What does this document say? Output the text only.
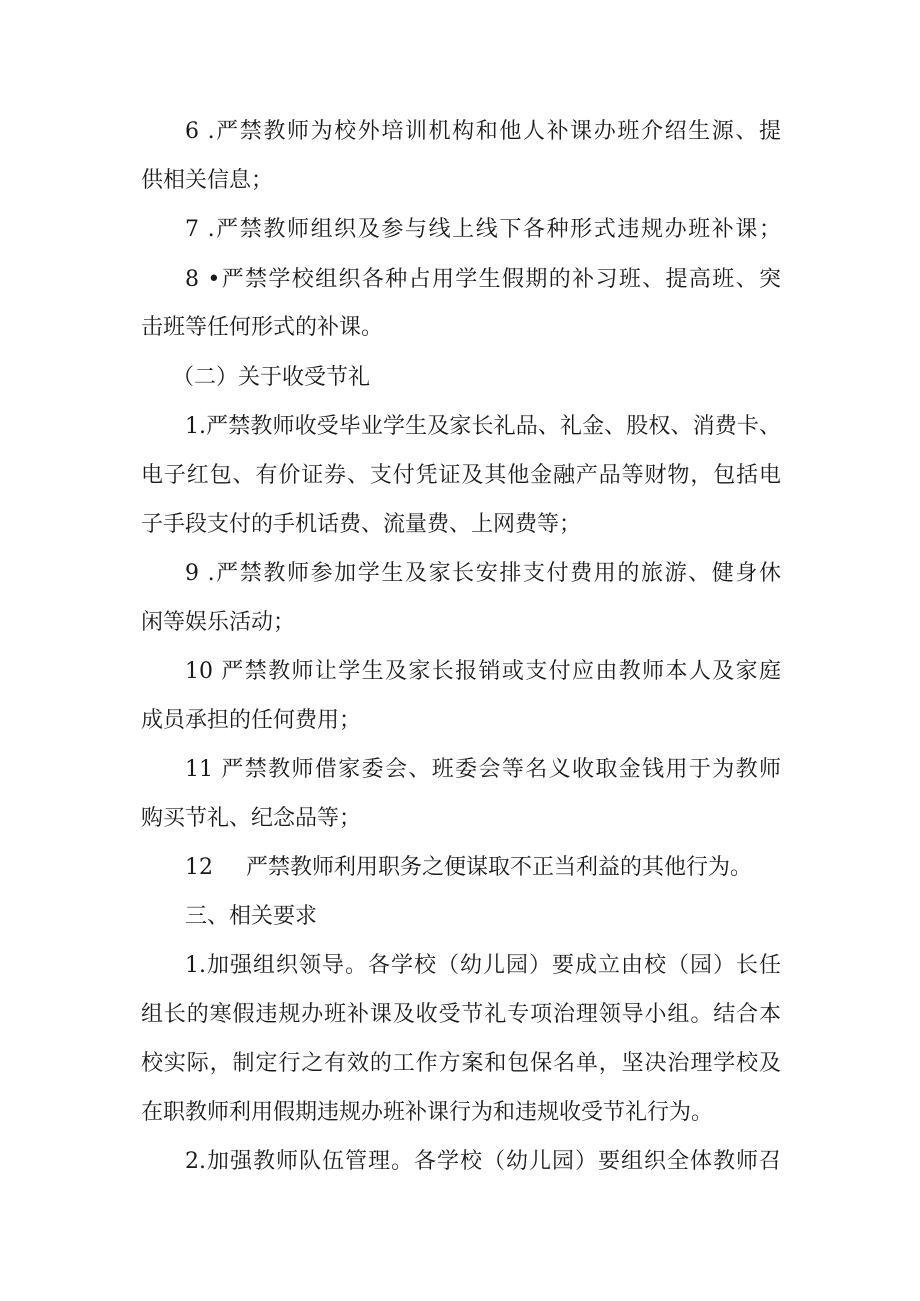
6 .严禁教师为校外培训机构和他人补课办班介绍生源、提

供相关信息；

7 .严禁教师组织及参与线上线下各种形式违规办班补课；

8 •严禁学校组织各种占用学生假期的补习班、提高班、突

击班等任何形式的补课。

（二）关于收受节礼

1.严禁教师收受毕业学生及家长礼品、礼金、股权、消费卡、

电子红包、有价证券、支付凭证及其他金融产品等财物，包括电

子手段支付的手机话费、流量费、上网费等；

9 .严禁教师参加学生及家长安排支付费用的旅游、健身休

闲等娱乐活动；

10 严禁教师让学生及家长报销或支付应由教师本人及家庭

成员承担的任何费用；

11 严禁教师借家委会、班委会等名义收取金钱用于为教师

购买节礼、纪念品等；

12 严禁教师利用职务之便谋取不正当利益的其他行为。

三、相关要求

1.加强组织领导。各学校（幼儿园）要成立由校（园）长任

组长的寒假违规办班补课及收受节礼专项治理领导小组。结合本

校实际，制定行之有效的工作方案和包保名单，坚决治理学校及

在职教师利用假期违规办班补课行为和违规收受节礼行为。

2.加强教师队伍管理。各学校（幼儿园）要组织全体教师召
